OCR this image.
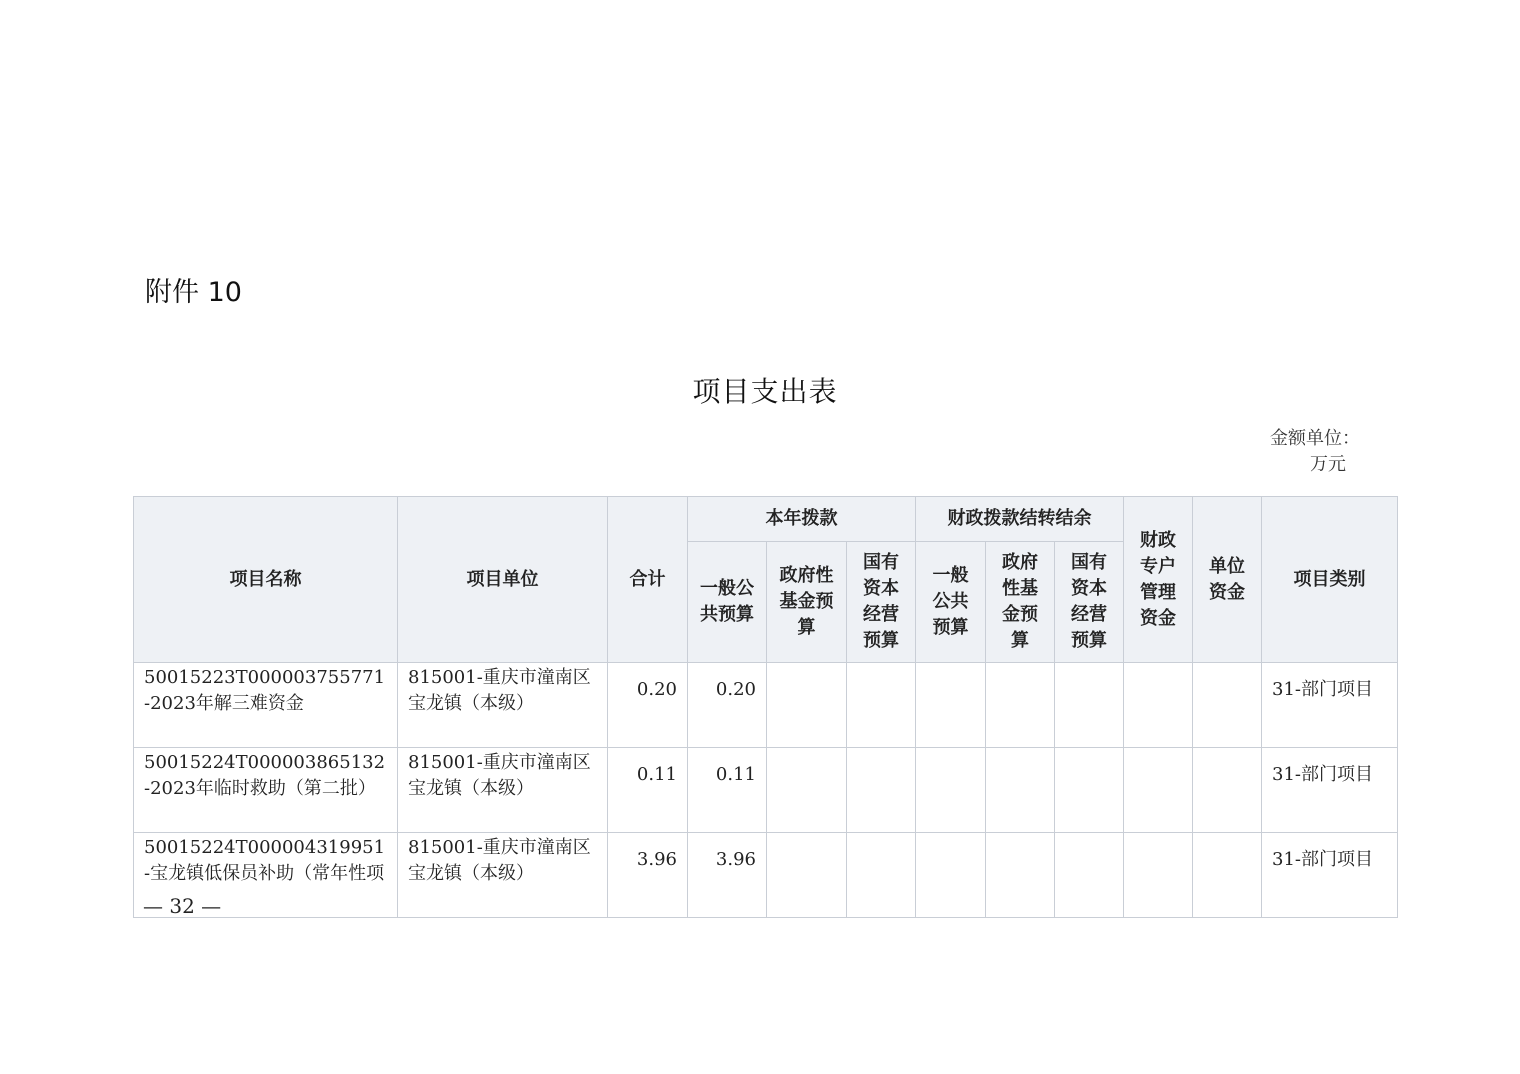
附件 10
项目支出表
金额单位：
万元
项目名称	项目单位	合计	本年拨款			财政拨款结转结余			财政专户管理资金	单位资金	项目类别
			一般公共预算	政府性基金预算	国有资本经营预算	一般公共预算	政府性基金预算	国有资本经营预算			

50015223T000003755771-2023年解三难资金	815001-重庆市潼南区宝龙镇（本级）	0.20	0.20								31-部门项目

50015224T000003865132-2023年临时救助（第二批）	815001-重庆市潼南区宝龙镇（本级）	0.11	0.11								31-部门项目

50015224T000004319951-宝龙镇低保员补助（常年性项	815001-重庆市潼南区宝龙镇（本级）	3.96	3.96								31-部门项目
— 32 —
